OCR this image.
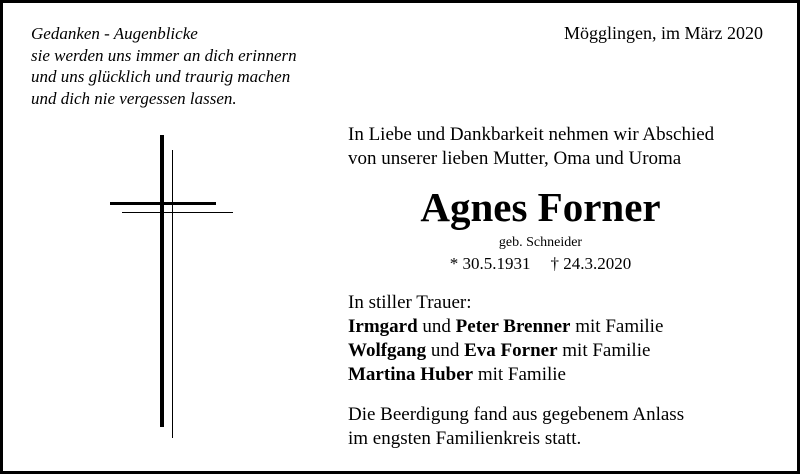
Gedanken - Augenblicke
sie werden uns immer an dich erinnern
und uns glücklich und traurig machen
und dich nie vergessen lassen.
Mögglingen, im März 2020
In Liebe und Dankbarkeit nehmen wir Abschied
von unserer lieben Mutter, Oma und Uroma
Agnes Forner
geb. Schneider
* 30.5.1931 † 24.3.2020
In stiller Trauer:
Irmgard und Peter Brenner mit Familie
Wolfgang und Eva Forner mit Familie
Martina Huber mit Familie
Die Beerdigung fand aus gegebenem Anlass
im engsten Familienkreis statt.
